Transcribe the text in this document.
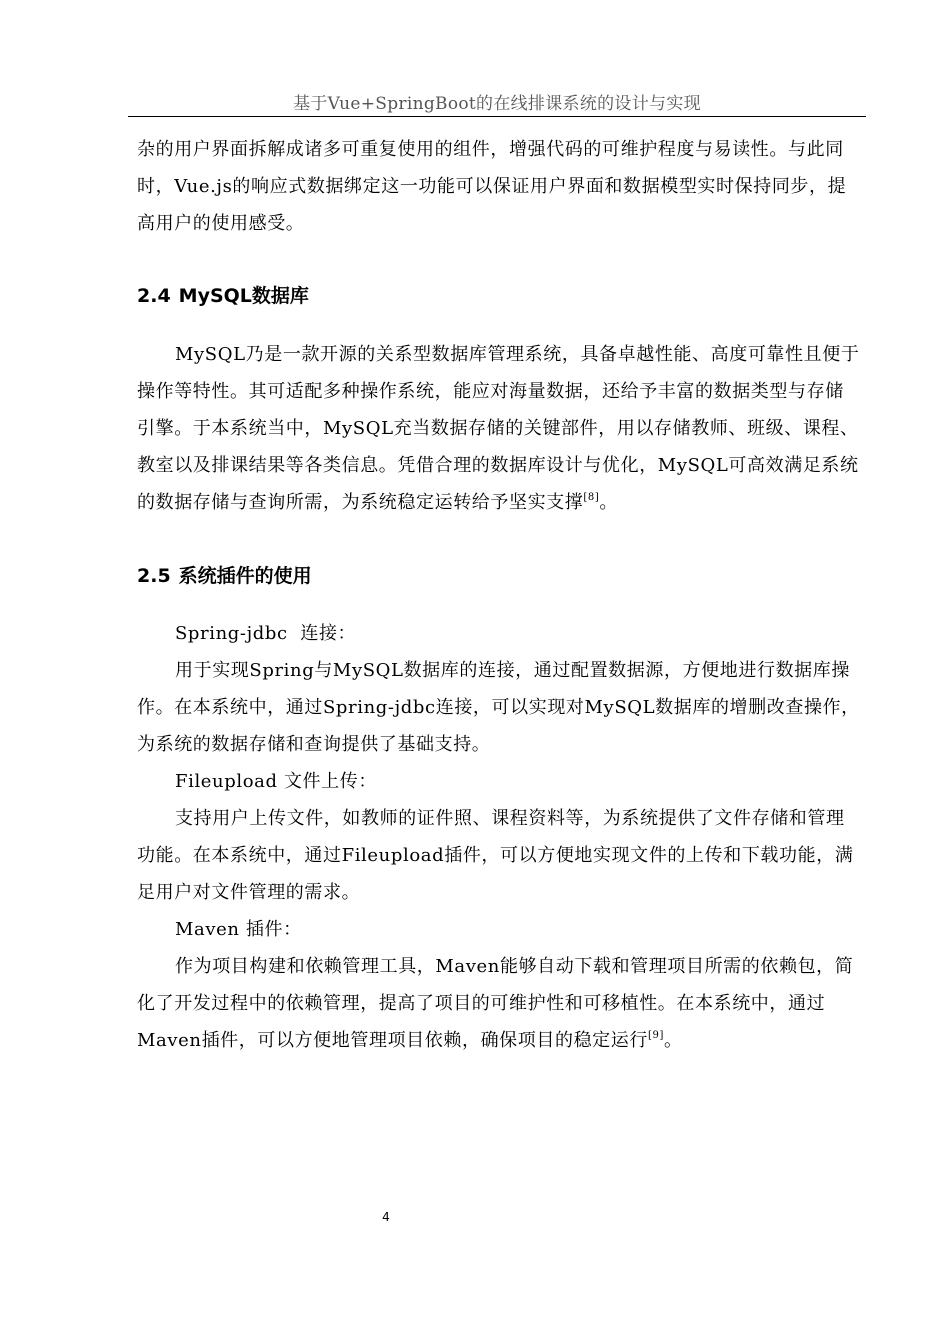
基于Vue+SpringBoot的在线排课系统的设计与实现

杂的用户界面拆解成诸多可重复使用的组件，增强代码的可维护程度与易读性。与此同时，Vue.js的响应式数据绑定这一功能可以保证用户界面和数据模型实时保持同步，提高用户的使用感受。

2.4 MySQL数据库

MySQL乃是一款开源的关系型数据库管理系统，具备卓越性能、高度可靠性且便于操作等特性。其可适配多种操作系统，能应对海量数据，还给予丰富的数据类型与存储引擎。于本系统当中，MySQL充当数据存储的关键部件，用以存储教师、班级、课程、教室以及排课结果等各类信息。凭借合理的数据库设计与优化，MySQL可高效满足系统的数据存储与查询所需，为系统稳定运转给予坚实支撑[8]。

2.5 系统插件的使用

Spring-jdbc  连接：

用于实现Spring与MySQL数据库的连接，通过配置数据源，方便地进行数据库操作。在本系统中，通过Spring-jdbc连接，可以实现对MySQL数据库的增删改查操作，为系统的数据存储和查询提供了基础支持。

Fileupload 文件上传：

支持用户上传文件，如教师的证件照、课程资料等，为系统提供了文件存储和管理功能。在本系统中，通过Fileupload插件，可以方便地实现文件的上传和下载功能，满足用户对文件管理的需求。

Maven 插件：

作为项目构建和依赖管理工具，Maven能够自动下载和管理项目所需的依赖包，简化了开发过程中的依赖管理，提高了项目的可维护性和可移植性。在本系统中，通过Maven插件，可以方便地管理项目依赖，确保项目的稳定运行[9]。

4
